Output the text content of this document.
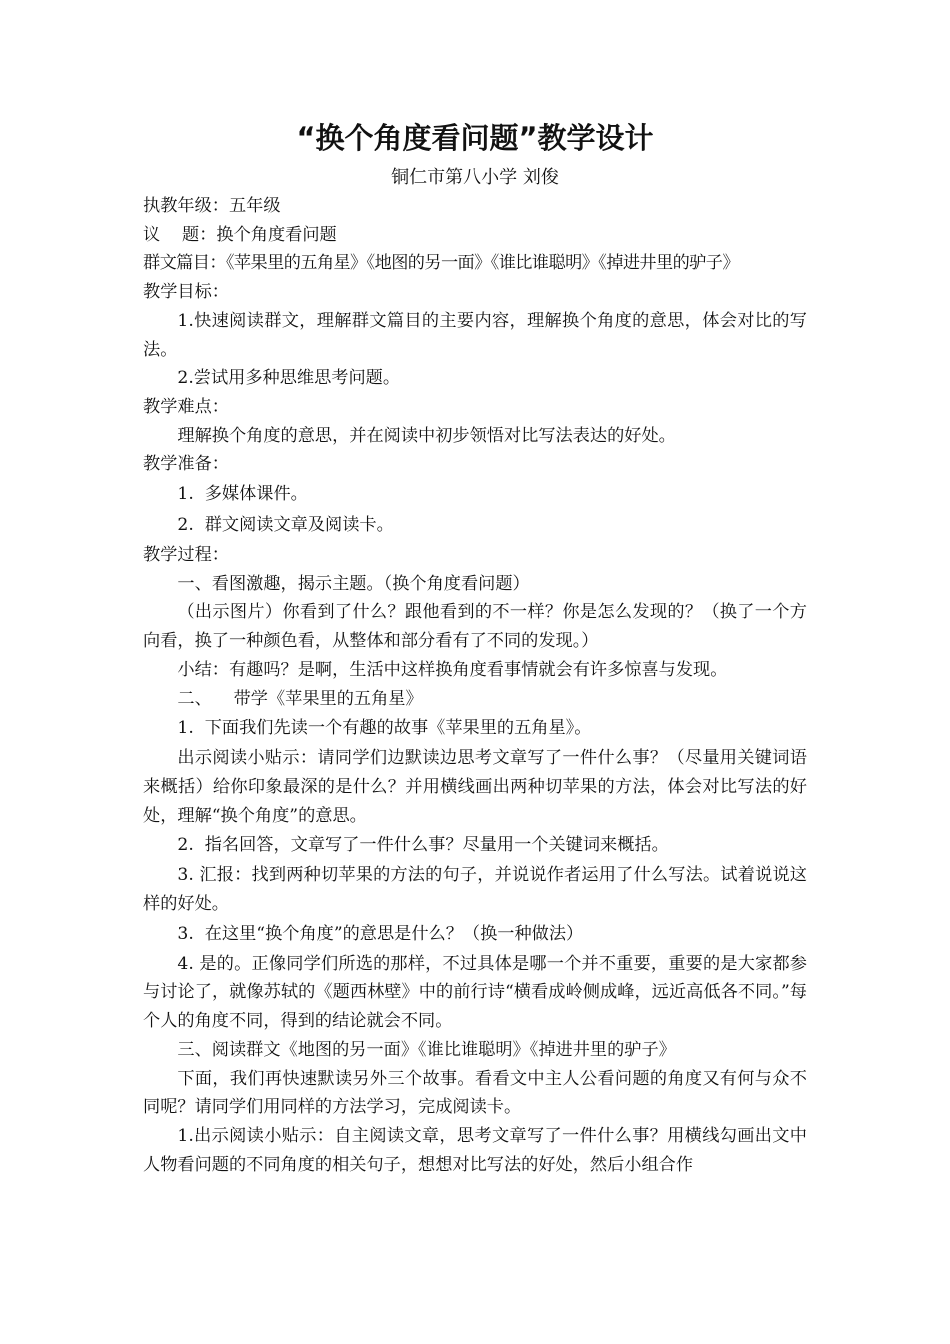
“换个角度看问题”教学设计
铜仁市第八小学 刘俊

执教年级：五年级

议    题：换个角度看问题

群文篇目：《苹果里的五角星》《地图的另一面》《谁比谁聪明》《掉进井里的驴子》

教学目标：

1.快速阅读群文，理解群文篇目的主要内容，理解换个角度的意思，体会对比的写法。

2.尝试用多种思维思考问题。

教学难点：

理解换个角度的意思，并在阅读中初步领悟对比写法表达的好处。

教学准备：

1.  多媒体课件。

2.  群文阅读文章及阅读卡。

教学过程：

一、看图激趣，揭示主题。（换个角度看问题）

（出示图片）你看到了什么？跟他看到的不一样？你是怎么发现的？（换了一个方向看，换了一种颜色看，从整体和部分看有了不同的发现。）

小结：有趣吗？是啊，生活中这样换角度看事情就会有许多惊喜与发现。

二、    带学《苹果里的五角星》

1.  下面我们先读一个有趣的故事《苹果里的五角星》。

出示阅读小贴示：请同学们边默读边思考文章写了一件什么事？（尽量用关键词语来概括）给你印象最深的是什么？并用横线画出两种切苹果的方法，体会对比写法的好处，理解“换个角度”的意思。

2.  指名回答，文章写了一件什么事？尽量用一个关键词来概括。

3. 汇报：找到两种切苹果的方法的句子，并说说作者运用了什么写法。试着说说这样的好处。

3.  在这里“换个角度”的意思是什么？（换一种做法）

4. 是的。正像同学们所选的那样，不过具体是哪一个并不重要，重要的是大家都参与讨论了，就像苏轼的《题西林壁》中的前行诗“横看成岭侧成峰，远近高低各不同。”每个人的角度不同，得到的结论就会不同。

三、阅读群文《地图的另一面》《谁比谁聪明》《掉进井里的驴子》

下面，我们再快速默读另外三个故事。看看文中主人公看问题的角度又有何与众不同呢？请同学们用同样的方法学习，完成阅读卡。

1.出示阅读小贴示：自主阅读文章，思考文章写了一件什么事？用横线勾画出文中人物看问题的不同角度的相关句子，想想对比写法的好处，然后小组合作
